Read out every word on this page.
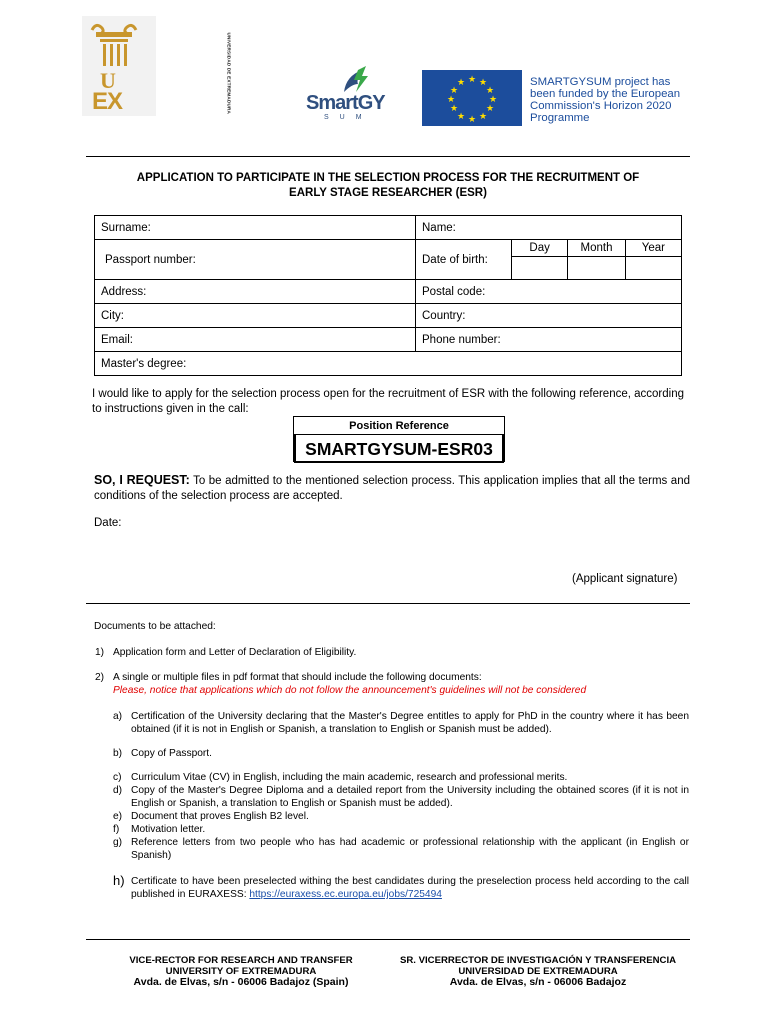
U
EX	UNIVERSIDAD DE EXTREMADURA	SmartGY
SUM
★ ★
★
★
★
★
★
★
★
★
★
★	SMARTGYSUM project has been funded by the European Commission's Horizon 2020 Programme
APPLICATION TO PARTICIPATE IN THE SELECTION PROCESS FOR THE RECRUITMENT OF
EARLY STAGE RESEARCHER (ESR)
Surname:	Name:
Passport number:	Date of birth:	
Day	Month	Year

Address:	Postal code:
City:	Country:
Email:	Phone number:
Master's degree:
I would like to apply for the selection process open for the recruitment of ESR with the following reference, according to instructions given in the call:
Position Reference
SMARTGYSUM-ESR03
SO, I REQUEST: To be admitted to the mentioned selection process. This application implies that all the terms and conditions of the selection process are accepted.
Date:
(Applicant signature)
Documents to be attached:
1) Application form and Letter of Declaration of Eligibility.
2) A single or multiple files in pdf format that should include the following documents:
Please, notice that applications which do not follow the announcement's guidelines will not be considered
a) Certification of the University declaring that the Master's Degree entitles to apply for PhD in the country where it has been obtained (if it is not in English or Spanish, a translation to English or Spanish must be added).
b) Copy of Passport.
c) Curriculum Vitae (CV) in English, including the main academic, research and professional merits.
d) Copy of the Master's Degree Diploma and a detailed report from the University including the obtained scores (if it is not in English or Spanish, a translation to English or Spanish must be added).
e) Document that proves English B2 level.
f) Motivation letter.
g) Reference letters from two people who has had academic or professional relationship with the applicant (in English or Spanish)
h) Certificate to have been preselected withing the best candidates during the preselection process held according to the call published in EURAXESS: https://euraxess.ec.europa.eu/jobs/725494
VICE-RECTOR FOR RESEARCH AND TRANSFER
UNIVERSITY OF EXTREMADURA
Avda. de Elvas, s/n - 06006 Badajoz (Spain)
SR. VICERRECTOR DE INVESTIGACIÓN Y TRANSFERENCIA
UNIVERSIDAD DE EXTREMADURA
Avda. de Elvas, s/n - 06006 Badajoz
